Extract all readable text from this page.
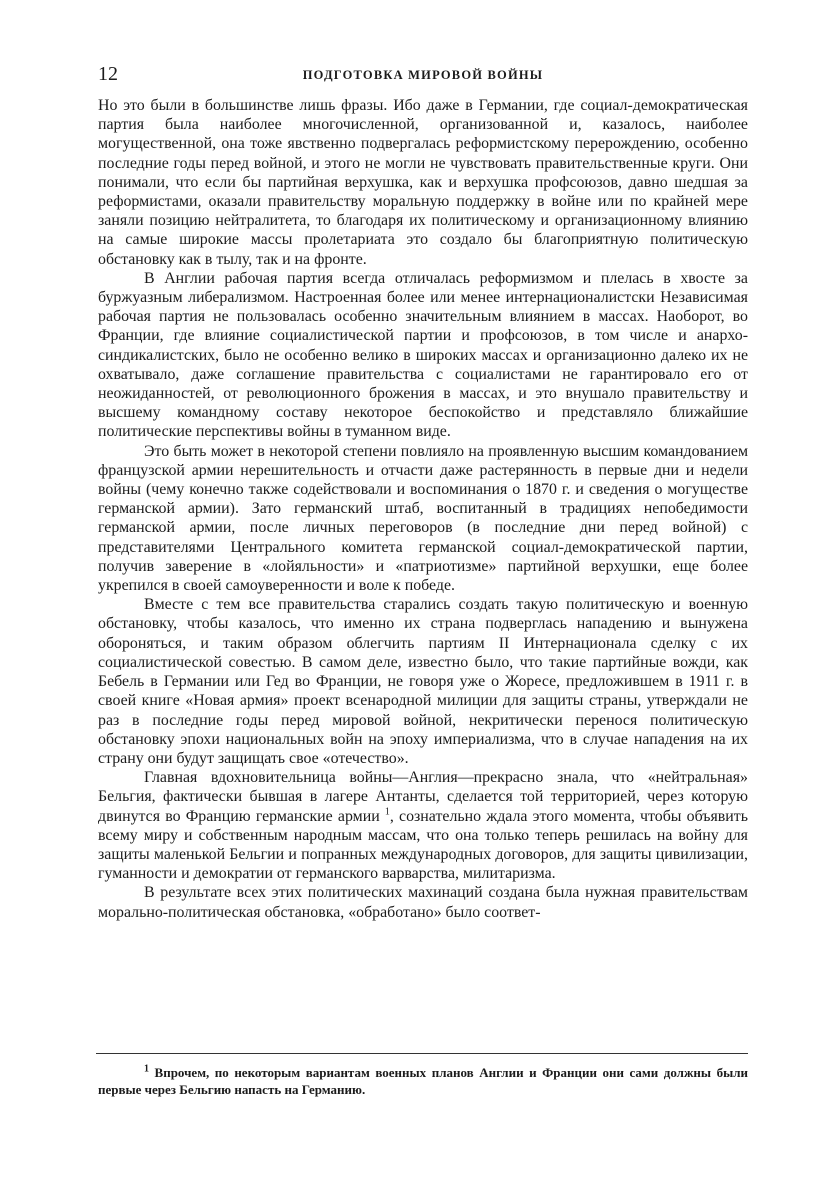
12	ПОДГОТОВКА МИРОВОЙ ВОЙНЫ

Но это были в большинстве лишь фразы. Ибо даже в Германии, где социал-демократическая партия была наиболее многочисленной, организованной и, казалось, наиболее могущественной, она тоже явственно подвергалась реформистскому перерождению, особенно последние годы перед войной, и этого не могли не чувствовать правительственные круги. Они понимали, что если бы партийная верхушка, как и верхушка профсоюзов, давно шедшая за реформистами, оказали правительству моральную поддержку в войне или по крайней мере заняли позицию нейтралитета, то благодаря их политическому и организационному влиянию на самые широкие массы пролетариата это создало бы благоприятную политическую обстановку как в тылу, так и на фронте.

В Англии рабочая партия всегда отличалась реформизмом и плелась в хвосте за буржуазным либерализмом. Настроенная более или менее интернационалистски Независимая рабочая партия не пользовалась особенно значительным влиянием в массах. Наоборот, во Франции, где влияние социалистической партии и профсоюзов, в том числе и анархо-синдикалистских, было не особенно велико в широких массах и организационно далеко их не охватывало, даже соглашение правительства с социалистами не гарантировало его от неожиданностей, от революционного брожения в массах, и это внушало правительству и высшему командному составу некоторое беспокойство и представляло ближайшие политические перспективы войны в туманном виде.

Это быть может в некоторой степени повлияло на проявленную высшим командованием французской армии нерешительность и отчасти даже растерянность в первые дни и недели войны (чему конечно также содействовали и воспоминания о 1870 г. и сведения о могуществе германской армии). Зато германский штаб, воспитанный в традициях непобедимости германской армии, после личных переговоров (в последние дни перед войной) с представителями Центрального комитета германской социал-демократической партии, получив заверение в «лойяльности» и «патриотизме» партийной верхушки, еще более укрепился в своей самоуверенности и воле к победе.

Вместе с тем все правительства старались создать такую политическую и военную обстановку, чтобы казалось, что именно их страна подверглась нападению и вынужена обороняться, и таким образом облегчить партиям II Интернационала сделку с их социалистической совестью. В самом деле, известно было, что такие партийные вожди, как Бебель в Германии или Гед во Франции, не говоря уже о Жоресе, предложившем в 1911 г. в своей книге «Новая армия» проект всенародной милиции для защиты страны, утверждали не раз в последние годы перед мировой войной, некритически перенося политическую обстановку эпохи национальных войн на эпоху империализма, что в случае нападения на их страну они будут защищать свое «отечество».

Главная вдохновительница войны—Англия—прекрасно знала, что «нейтральная» Бельгия, фактически бывшая в лагере Антанты, сделается той территорией, через которую двинутся во Францию германские армии $^1$, сознательно ждала этого момента, чтобы объявить всему миру и собственным народным массам, что она только теперь решилась на войну для защиты маленькой Бельгии и попранных международных договоров, для защиты цивилизации, гуманности и демократии от германского варварства, милитаризма.

В результате всех этих политических махинаций создана была нужная правительствам морально-политическая обстановка, «обработано» было соответ-

$^1$ Впрочем, по некоторым вариантам военных планов Англии и Франции они сами должны были первые через Бельгию напасть на Германию.
